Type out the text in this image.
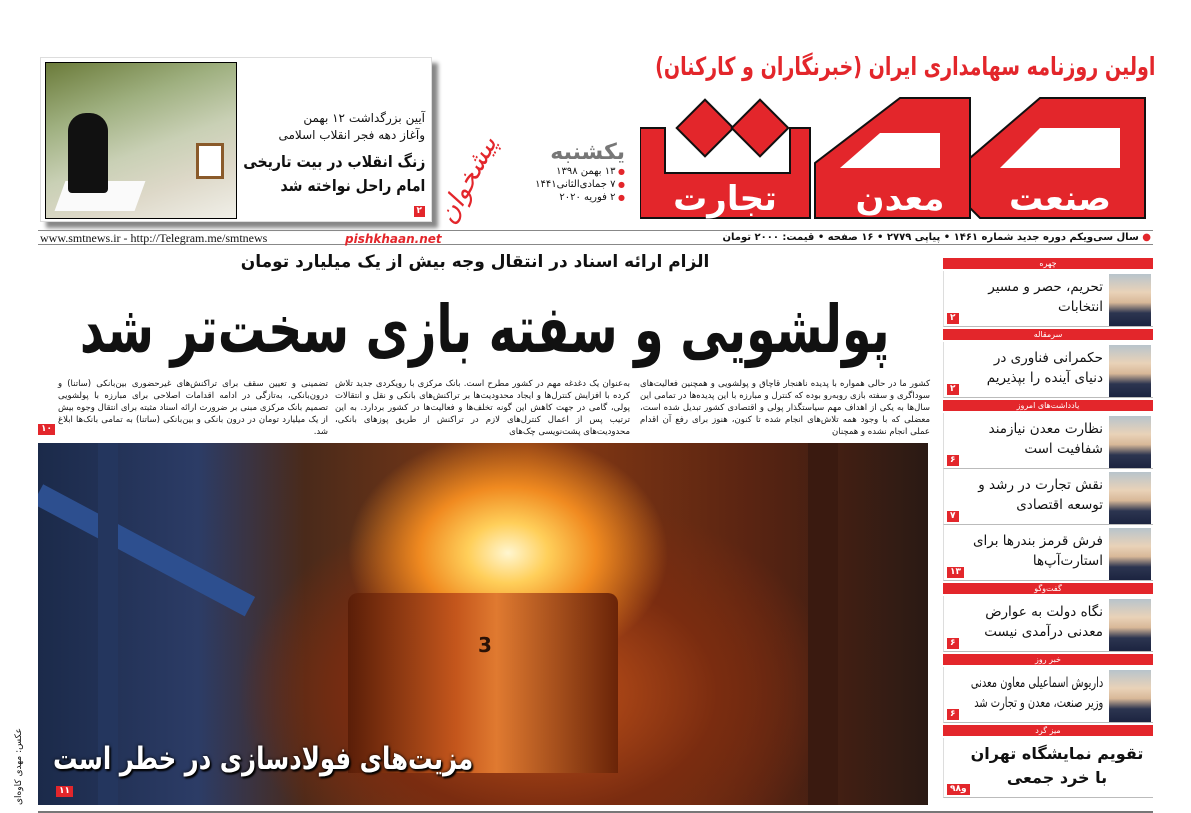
اولین روزنامه سهامداری ایران (خبرنگاران و کارکنان)
صنعت
معدن
تجارت
یکشنبه
● ۱۳ بهمن ۱۳۹۸
● ۷ جمادی‌الثانی۱۴۴۱
● ۲ فوریه ۲۰۲۰
آیین بزرگداشت ۱۲ بهمن
وآغاز دهه فجر انقلاب اسلامی
زنگ انقلاب در بیت تاریخی امام راحل نواخته شد
۲
www.smtnews.ir - http://Telegram.me/smtnews	● سال سی‌ویکم دوره جدید شماره ۱۴۶۱ • پیاپی ۲۷۷۹ • ۱۶ صفحه • قیمت: ۲۰۰۰ تومان
الزام ارائه اسناد در انتقال وجه بیش از یک میلیارد تومان
پیشخوان
pishkhaan.net
پولشویی و سفته بازی سخت‌تر شد
کشور ما در حالی همواره با پدیده ناهنجار قاچاق و پولشویی و همچنین فعالیت‌های سوداگری و سفته بازی روبه‌رو بوده که کنترل و مبارزه با این پدیده‌ها در تمامی این سال‌ها به یکی از اهداف مهم سیاستگذار پولی و اقتصادی کشور تبدیل شده است، معضلی که با وجود همه تلاش‌های انجام شده تا کنون، هنوز برای رفع آن اقدام عملی انجام نشده و همچنان
به‌عنوان یک دغدغه مهم در کشور مطرح است. بانک مرکزی با رویکردی جدید تلاش کرده با افزایش کنترل‌ها و ایجاد محدودیت‌ها بر تراکنش‌های بانکی و نقل و انتقالات پولی، گامی در جهت کاهش این گونه تخلف‌ها و فعالیت‌ها در کشور بردارد. به این ترتیب پس از اعمال کنترل‌های لازم در تراکنش از طریق پوزهای بانکی، محدودیت‌های پشت‌نویسی چک‌های
تضمینی و تعیین سقف برای تراکنش‌های غیرحضوری بین‌بانکی (ساتنا) و درون‌بانکی، به‌تازگی در ادامه اقدامات اصلاحی برای مبارزه با پولشویی تصمیم بانک مرکزی مبنی بر ضرورت ارائه اسناد مثبته برای انتقال وجوه بیش از یک میلیارد تومان در درون بانکی و بین‌بانکی (ساتنا) به تمامی بانک‌ها ابلاغ شد.
۱۰
3
مزیت‌های فولادسازی در خطر است
۱۱
عکس: مهدی کاوه‌ای
چهره
تحریم، حصر و مسیر انتخابات
۲
سرمقاله
حکمرانی فناوری در دنیای آینده را بپذیریم
۲
یادداشت‌های امروز
نظارت معدن نیازمند شفافیت است
۶
نقش تجارت در رشد و توسعه اقتصادی
۷
فرش قرمز بندرها برای استارت‌آپ‌ها
۱۳
گفت‌وگو
نگاه دولت به عوارض معدنی درآمدی نیست
۶
خبر روز
داریوش اسماعیلی معاون معدنی وزیر صنعت، معدن و تجارت شد
۶
میز گرد
تقویم نمایشگاه تهران با خرد جمعی
۹و۸
